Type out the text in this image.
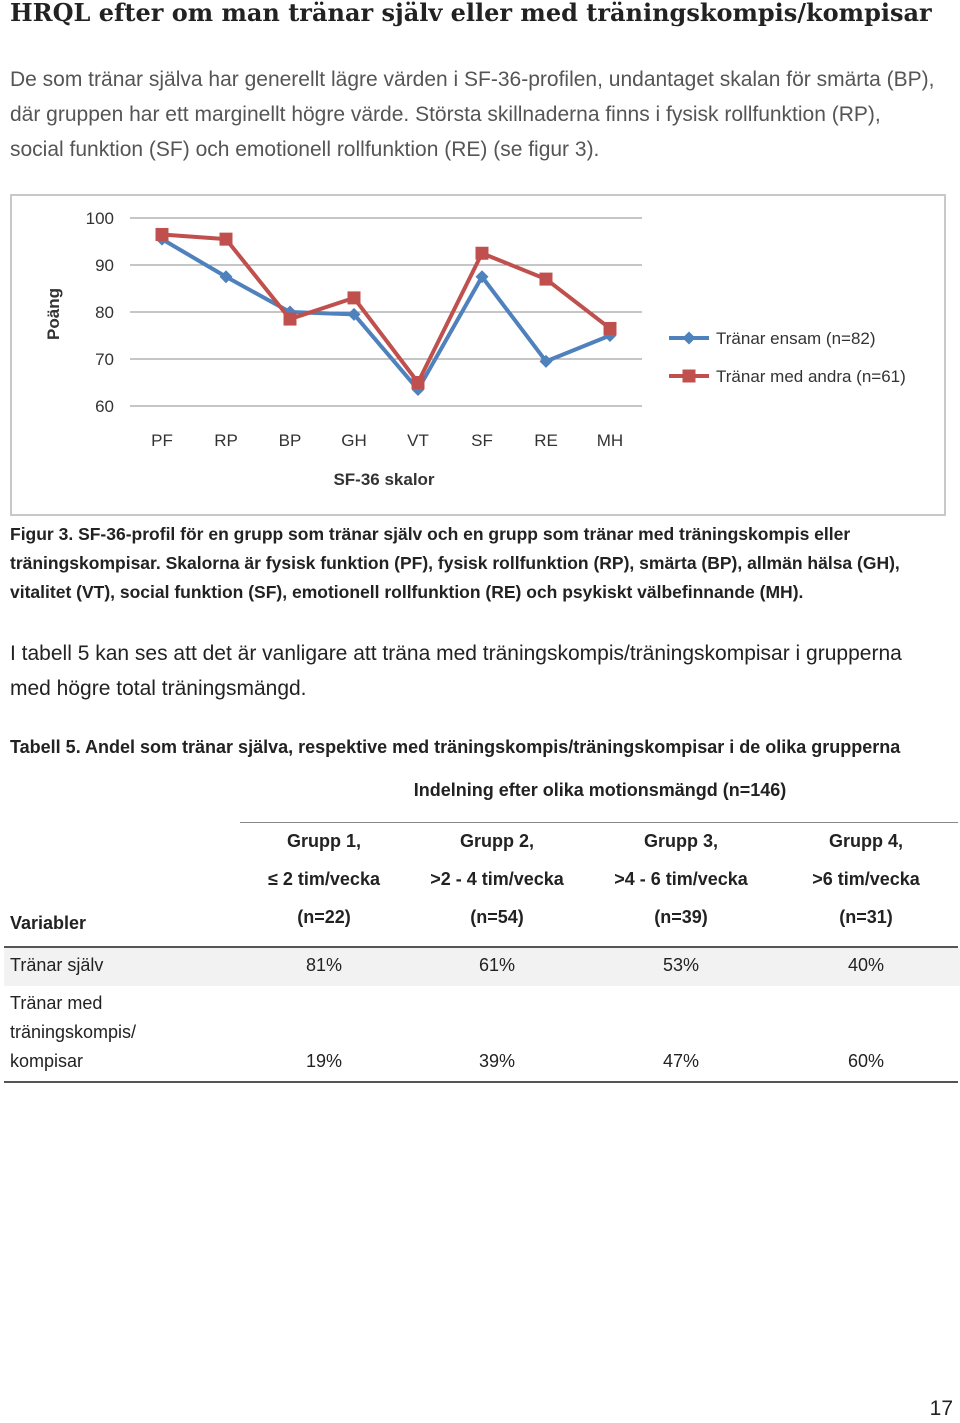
HRQL efter om man tränar själv eller med träningskompis/kompisar

De som tränar själva har generellt lägre värden i SF-36-profilen, undantaget skalan för smärta (BP), där gruppen har ett marginellt högre värde. Största skillnaderna finns i fysisk rollfunktion (RP), social funktion (SF) och emotionell rollfunktion (RE) (se figur 3).

100
90
80
70
60
PF RP BP GH VT SF RE MH
Tränar ensam (n=82)
Tränar med andra (n=61)
Poäng
SF-36 skalor

Figur 3. SF-36-profil för en grupp som tränar själv och en grupp som tränar med träningskompis eller träningskompisar. Skalorna är fysisk funktion (PF), fysisk rollfunktion (RP), smärta (BP), allmän hälsa (GH), vitalitet (VT), social funktion (SF), emotionell rollfunktion (RE) och psykiskt välbefinnande (MH).

I tabell 5 kan ses att det är vanligare att träna med träningskompis/träningskompisar i grupperna med högre total träningsmängd.

Tabell 5. Andel som tränar själva, respektive med träningskompis/träningskompisar i de olika grupperna

Indelning efter olika motionsmängd (n=146)
Grupp 1,
≤ 2 tim/vecka
(n=22)
Grupp 2,
>2 - 4 tim/vecka
(n=54)
Grupp 3,
>4 - 6 tim/vecka
(n=39)
Grupp 4,
>6 tim/vecka
(n=31)
Variabler
Tränar själv	81%	61%	53%	40%
Tränar med
träningskompis/
kompisar	19%	39%	47%	60%
17
